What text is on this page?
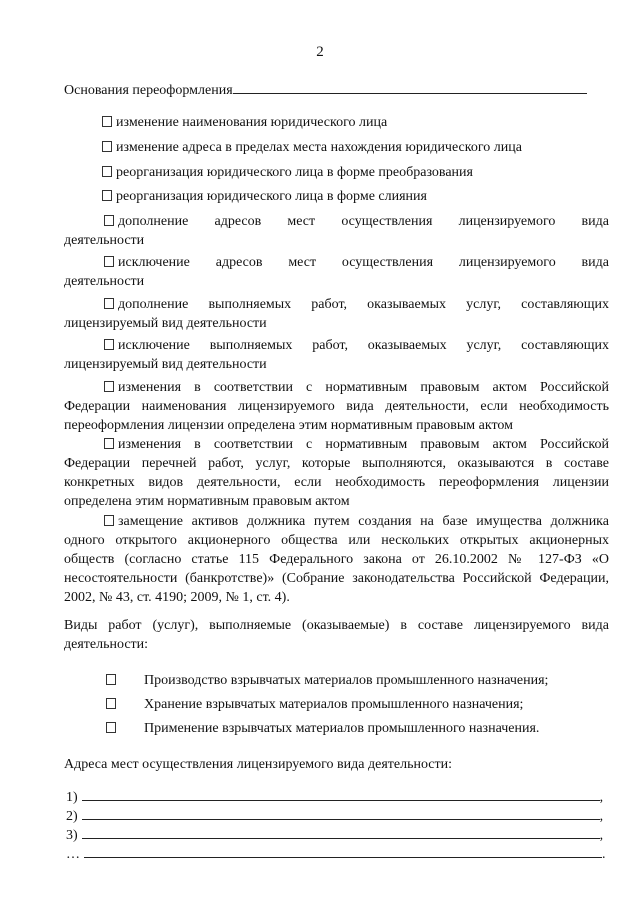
2
Основания переоформления
изменение наименования юридического лица
изменение адреса в пределах места нахождения юридического лица
реорганизация юридического лица в форме преобразования
реорганизация юридического лица в форме слияния
дополнение адресов мест осуществления лицензируемого вида
деятельности
исключение адресов мест осуществления лицензируемого вида
деятельности
дополнение выполняемых работ, оказываемых услуг, составляющих
лицензируемый вид деятельности
исключение выполняемых работ, оказываемых услуг, составляющих
лицензируемый вид деятельности
изменения в соответствии с нормативным правовым актом Российской
Федерации наименования лицензируемого вида деятельности, если необходимость переоформления лицензии определена этим нормативным правовым актом
изменения в соответствии с нормативным правовым актом Российской
Федерации перечней работ, услуг, которые выполняются, оказываются в составе конкретных видов деятельности, если необходимость переоформления лицензии определена этим нормативным правовым актом
замещение активов должника путем создания на базе имущества должника
одного открытого акционерного общества или нескольких открытых акционерных обществ (согласно статье 115 Федерального закона от 26.10.2002 № 127-ФЗ «О несостоятельности (банкротстве)» (Собрание законодательства Российской Федерации, 2002, № 43, ст. 4190; 2009, № 1, ст. 4).
Виды работ (услуг), выполняемые (оказываемые) в составе лицензируемого вида деятельности:
Производство взрывчатых материалов промышленного назначения;
Хранение взрывчатых материалов промышленного назначения;
Применение взрывчатых материалов промышленного назначения.
Адреса мест осуществления лицензируемого вида деятельности:
1)	,
2)	,
3)	,
…	.
